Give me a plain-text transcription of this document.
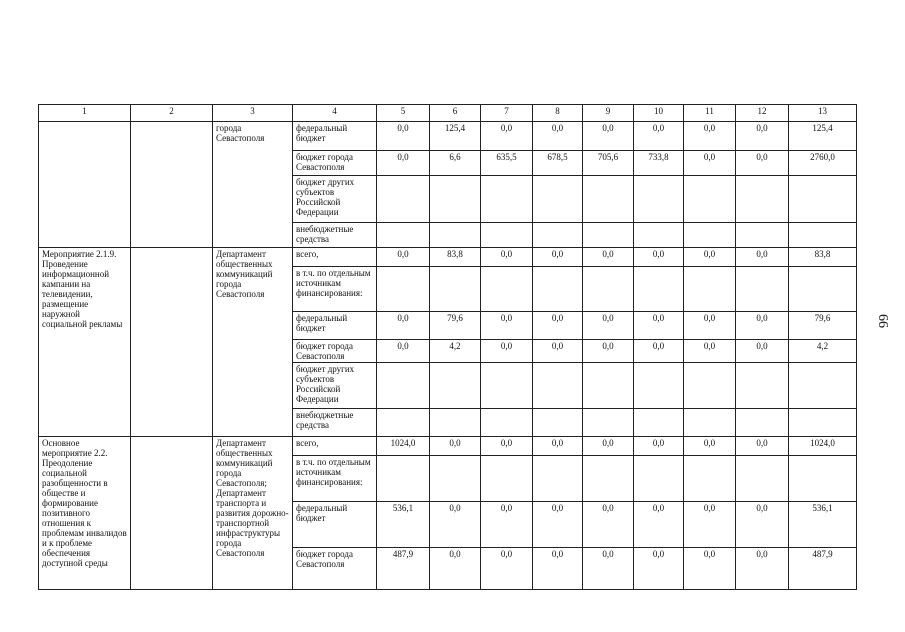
1	2	3	4	5	6	7	8	9	10	11	12	13
		города Севастополя	федеральный бюджет	0,0	125,4	0,0	0,0	0,0	0,0	0,0	0,0	125,4
			бюджет города Севастополя	0,0	6,6	635,5	678,5	705,6	733,8	0,0	0,0	2760,0
			бюджет других субъектов Российской Федерации									
			внебюджетные средства									
Мероприятие 2.1.9. Проведение информационной кампании на телевидении, размещение наружной социальной рекламы		Департамент общественных коммуникаций города Севастополя	всего,	0,0	83,8	0,0	0,0	0,0	0,0	0,0	0,0	83,8
			в т.ч. по отдельным источникам финансирования:									
			федеральный бюджет	0,0	79,6	0,0	0,0	0,0	0,0	0,0	0,0	79,6
			бюджет города Севастополя	0,0	4,2	0,0	0,0	0,0	0,0	0,0	0,0	4,2
			бюджет других субъектов Российской Федерации									
			внебюджетные средства									
Основное мероприятие 2.2. Преодоление социальной разобщенности в обществе и формирование позитивного отношения к проблемам инвалидов и к проблеме обеспечения доступной среды		Департамент общественных коммуникаций города Севастополя; Департамент транспорта и развития дорожно-транспортной инфраструктуры города Севастополя	всего,	1024,0	0,0	0,0	0,0	0,0	0,0	0,0	0,0	1024,0
			в т.ч. по отдельным источникам финансирования:									
			федеральный бюджет	536,1	0,0	0,0	0,0	0,0	0,0	0,0	0,0	536,1
			бюджет города Севастополя	487,9	0,0	0,0	0,0	0,0	0,0	0,0	0,0	487,9
66
